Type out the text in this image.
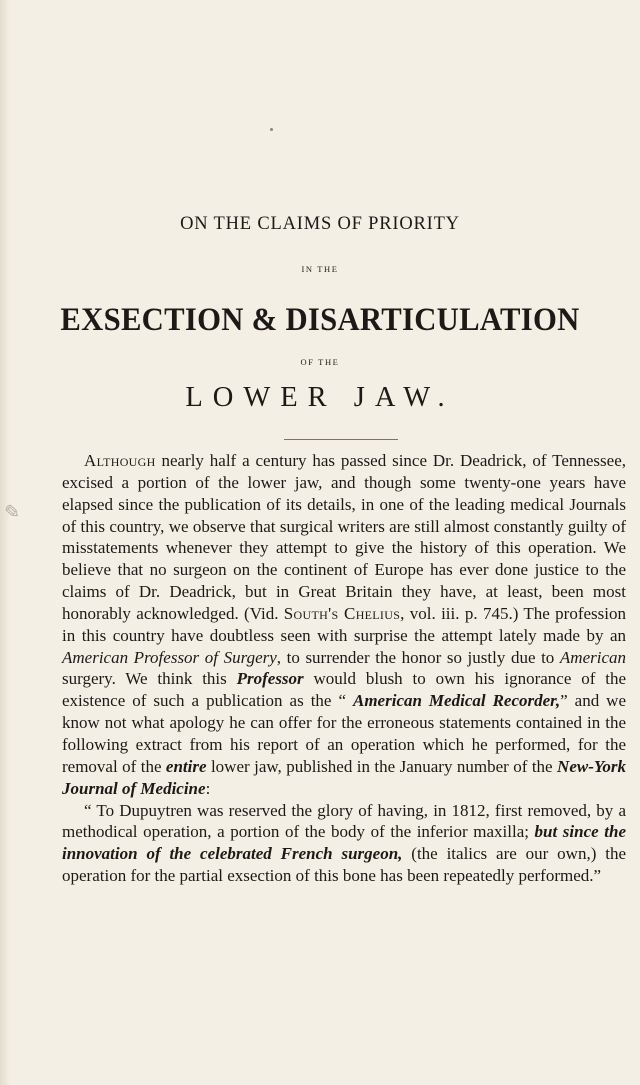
ON THE CLAIMS OF PRIORITY
IN THE
EXSECTION & DISARTICULATION
OF THE
LOWER JAW.
✎

Although nearly half a century has passed since Dr. Deadrick, of Tennessee, excised a portion of the lower jaw, and though some twenty-one years have elapsed since the publication of its details, in one of the leading medical Journals of this country, we observe that surgical writers are still almost constantly guilty of misstatements whenever they attempt to give the history of this operation. We believe that no surgeon on the continent of Europe has ever done justice to the claims of Dr. Deadrick, but in Great Britain they have, at least, been most honorably acknowledged. (Vid. South's Chelius, vol. iii. p. 745.) The profession in this country have doubtless seen with surprise the attempt lately made by an American Professor of Surgery, to surrender the honor so justly due to American surgery. We think this Professor would blush to own his ignorance of the existence of such a publication as the “ American Medical Recorder,” and we know not what apology he can offer for the erroneous statements contained in the following extract from his report of an operation which he performed, for the removal of the entire lower jaw, published in the January number of the New-York Journal of Medicine:

“ To Dupuytren was reserved the glory of having, in 1812, first removed, by a methodical operation, a portion of the body of the inferior maxilla; but since the innovation of the celebrated French surgeon, (the italics are our own,) the operation for the partial exsection of this bone has been repeatedly performed.”
